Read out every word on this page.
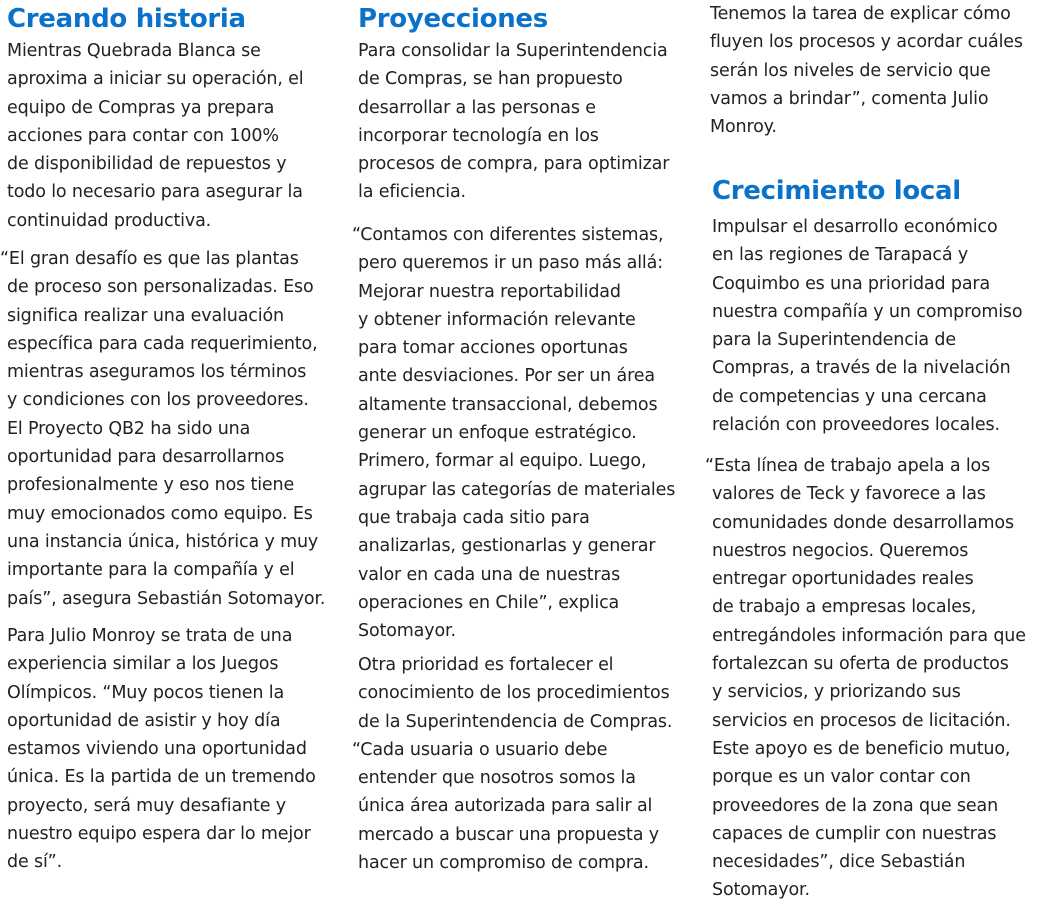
Creando historia

Mientras Quebrada Blanca se
aproxima a iniciar su operación, el
equipo de Compras ya prepara
acciones para contar con 100%
de disponibilidad de repuestos y
todo lo necesario para asegurar la
continuidad productiva.

“El gran desafío es que las plantas
de proceso son personalizadas. Eso
significa realizar una evaluación
específica para cada requerimiento,
mientras aseguramos los términos
y condiciones con los proveedores.
El Proyecto QB2 ha sido una
oportunidad para desarrollarnos
profesionalmente y eso nos tiene
muy emocionados como equipo. Es
una instancia única, histórica y muy
importante para la compañía y el
país”, asegura Sebastián Sotomayor.

Para Julio Monroy se trata de una
experiencia similar a los Juegos
Olímpicos. “Muy pocos tienen la
oportunidad de asistir y hoy día
estamos viviendo una oportunidad
única. Es la partida de un tremendo
proyecto, será muy desafiante y
nuestro equipo espera dar lo mejor
de sí”.

Proyecciones

Para consolidar la Superintendencia
de Compras, se han propuesto
desarrollar a las personas e
incorporar tecnología en los
procesos de compra, para optimizar
la eficiencia.

“Contamos con diferentes sistemas,
pero queremos ir un paso más allá:
Mejorar nuestra reportabilidad
y obtener información relevante
para tomar acciones oportunas
ante desviaciones. Por ser un área
altamente transaccional, debemos
generar un enfoque estratégico.
Primero, formar al equipo. Luego,
agrupar las categorías de materiales
que trabaja cada sitio para
analizarlas, gestionarlas y generar
valor en cada una de nuestras
operaciones en Chile”, explica
Sotomayor.

Otra prioridad es fortalecer el
conocimiento de los procedimientos
de la Superintendencia de Compras.
“Cada usuaria o usuario debe
entender que nosotros somos la
única área autorizada para salir al
mercado a buscar una propuesta y
hacer un compromiso de compra.

Tenemos la tarea de explicar cómo
fluyen los procesos y acordar cuáles
serán los niveles de servicio que
vamos a brindar”, comenta Julio
Monroy.

Crecimiento local

Impulsar el desarrollo económico
en las regiones de Tarapacá y
Coquimbo es una prioridad para
nuestra compañía y un compromiso
para la Superintendencia de
Compras, a través de la nivelación
de competencias y una cercana
relación con proveedores locales.

“Esta línea de trabajo apela a los
valores de Teck y favorece a las
comunidades donde desarrollamos
nuestros negocios. Queremos
entregar oportunidades reales
de trabajo a empresas locales,
entregándoles información para que
fortalezcan su oferta de productos
y servicios, y priorizando sus
servicios en procesos de licitación.
Este apoyo es de beneficio mutuo,
porque es un valor contar con
proveedores de la zona que sean
capaces de cumplir con nuestras
necesidades”, dice Sebastián
Sotomayor.
